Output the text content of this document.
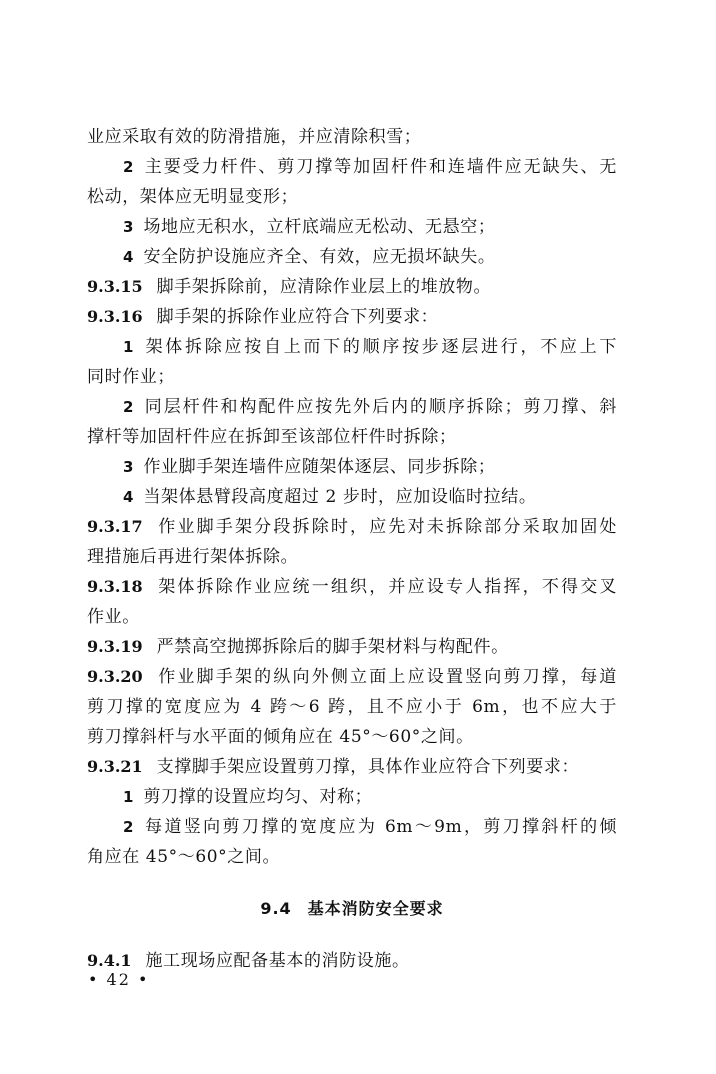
业应采取有效的防滑措施，并应清除积雪；
2 主要受力杆件、剪刀撑等加固杆件和连墙件应无缺失、无
松动，架体应无明显变形；
3 场地应无积水，立杆底端应无松动、无悬空；
4 安全防护设施应齐全、有效，应无损坏缺失。
9.3.15 脚手架拆除前，应清除作业层上的堆放物。
9.3.16 脚手架的拆除作业应符合下列要求：
1 架体拆除应按自上而下的顺序按步逐层进行，不应上下
同时作业；
2 同层杆件和构配件应按先外后内的顺序拆除；剪刀撑、斜
撑杆等加固杆件应在拆卸至该部位杆件时拆除；
3 作业脚手架连墙件应随架体逐层、同步拆除；
4 当架体悬臂段高度超过 2 步时，应加设临时拉结。
9.3.17 作业脚手架分段拆除时，应先对未拆除部分采取加固处
理措施后再进行架体拆除。
9.3.18 架体拆除作业应统一组织，并应设专人指挥，不得交叉
作业。
9.3.19 严禁高空抛掷拆除后的脚手架材料与构配件。
9.3.20 作业脚手架的纵向外侧立面上应设置竖向剪刀撑，每道
剪刀撑的宽度应为 4 跨～6 跨，且不应小于 6m，也不应大于
剪刀撑斜杆与水平面的倾角应在 45°～60°之间。
9.3.21 支撑脚手架应设置剪刀撑，具体作业应符合下列要求：
1 剪刀撑的设置应均匀、对称；
2 每道竖向剪刀撑的宽度应为 6m～9m，剪刀撑斜杆的倾
角应在 45°～60°之间。
9.4 基本消防安全要求
9.4.1 施工现场应配备基本的消防设施。
• 42 •
